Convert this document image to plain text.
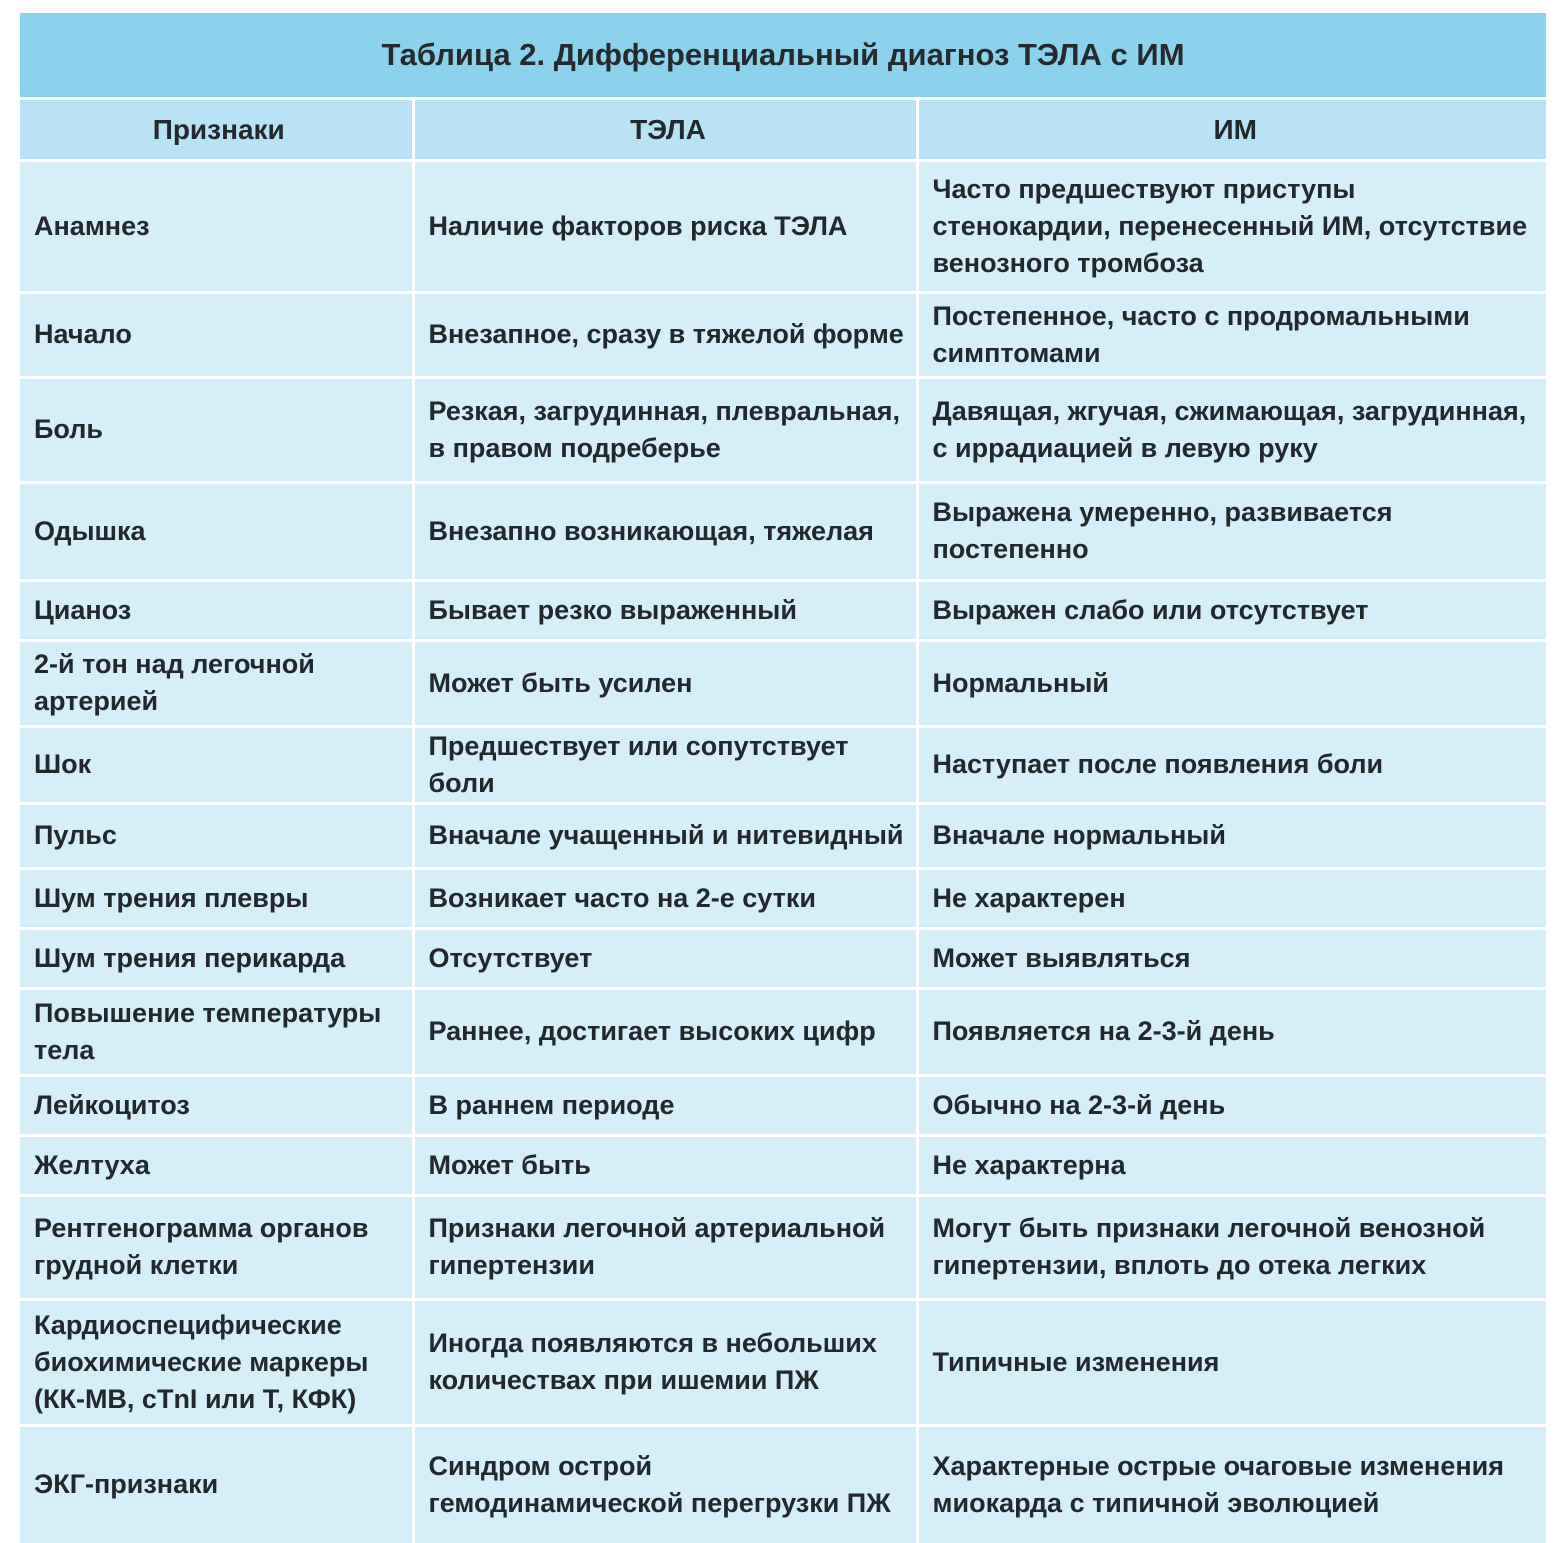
Таблица 2. Дифференциальный диагноз ТЭЛА с ИМ
Признаки	ТЭЛА	ИМ
Анамнез	Наличие факторов риска ТЭЛА	Часто предшествуют приступы стенокардии, перенесенный ИМ, отсутствие венозного тромбоза
Начало	Внезапное, сразу в тяжелой форме	Постепенное, часто с продромальными симптомами
Боль	Резкая, загрудинная, плевральная, в правом подреберье	Давящая, жгучая, сжимающая, загрудинная, с иррадиацией в левую руку
Одышка	Внезапно возникающая, тяжелая	Выражена умеренно, развивается постепенно
Цианоз	Бывает резко выраженный	Выражен слабо или отсутствует
2-й тон над легочной артерией	Может быть усилен	Нормальный
Шок	Предшествует или сопутствует боли	Наступает после появления боли
Пульс	Вначале учащенный и нитевидный	Вначале нормальный
Шум трения плевры	Возникает часто на 2-е сутки	Не характерен
Шум трения перикарда	Отсутствует	Может выявляться
Повышение температуры тела	Раннее, достигает высоких цифр	Появляется на 2-3-й день
Лейкоцитоз	В раннем периоде	Обычно на 2-3-й день
Желтуха	Может быть	Не характерна
Рентгенограмма органов грудной клетки	Признаки легочной артериальной гипертензии	Могут быть признаки легочной венозной гипертензии, вплоть до отека легких
Кардиоспецифические биохимические маркеры (КК-МВ, сTnI или Т, КФК)	Иногда появляются в небольших количествах при ишемии ПЖ	Типичные изменения
ЭКГ-признаки	Синдром острой гемодинамической перегрузки ПЖ	Характерные острые очаговые изменения миокарда с типичной эволюцией
